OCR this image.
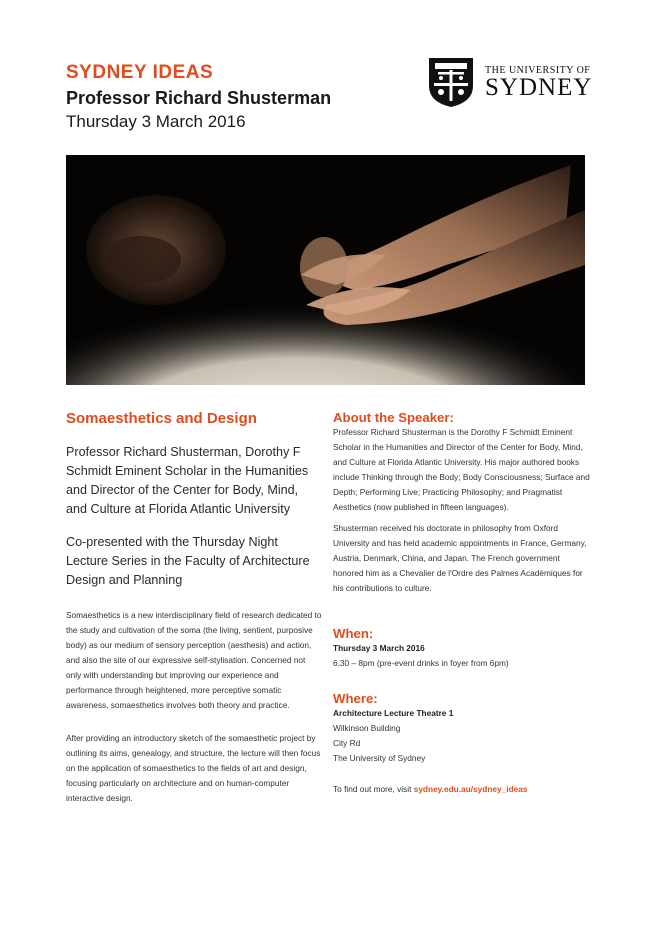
SYDNEY IDEAS
Professor Richard Shusterman
Thursday 3 March 2016
THE UNIVERSITY OF
SYDNEY
Somaesthetics and Design
Professor Richard Shusterman, Dorothy F Schmidt Eminent Scholar in the Humanities and Director of the Center for Body, Mind, and Culture at Florida Atlantic University
Co-presented with the Thursday Night Lecture Series in the Faculty of Architecture Design and Planning
Somaesthetics is a new interdisciplinary field of research dedicated to the study and cultivation of the soma (the living, sentient, purposive body) as our medium of sensory perception (aesthesis) and action, and also the site of our expressive self-stylisation. Concerned not only with understanding but improving our experience and performance through heightened, more perceptive somatic awareness, somaesthetics involves both theory and practice.
After providing an introductory sketch of the somaesthetic project by outlining its aims, genealogy, and structure, the lecture will then focus on the application of somaesthetics to the fields of art and design, focusing particularly on architecture and on human-computer interactive design.
About the Speaker:
Professor Richard Shusterman is the Dorothy F Schmidt Eminent Scholar in the Humanities and Director of the Center for Body, Mind, and Culture at Florida Atlantic University. His major authored books include Thinking through the Body; Body Consciousness; Surface and Depth; Performing Live; Practicing Philosophy; and Pragmatist Aesthetics (now published in fifteen languages).
Shusterman received his doctorate in philosophy from Oxford University and has held academic appointments in France, Germany, Austria, Denmark, China, and Japan. The French government honored him as a Chevalier de l'Ordre des Palmes Académiques for his contributions to culture.
When:
Thursday 3 March 2016
6.30 – 8pm (pre-event drinks in foyer from 6pm)
Where:
Architecture Lecture Theatre 1
Wilkinson Building
City Rd
The University of Sydney
To find out more, visit sydney.edu.au/sydney_ideas
